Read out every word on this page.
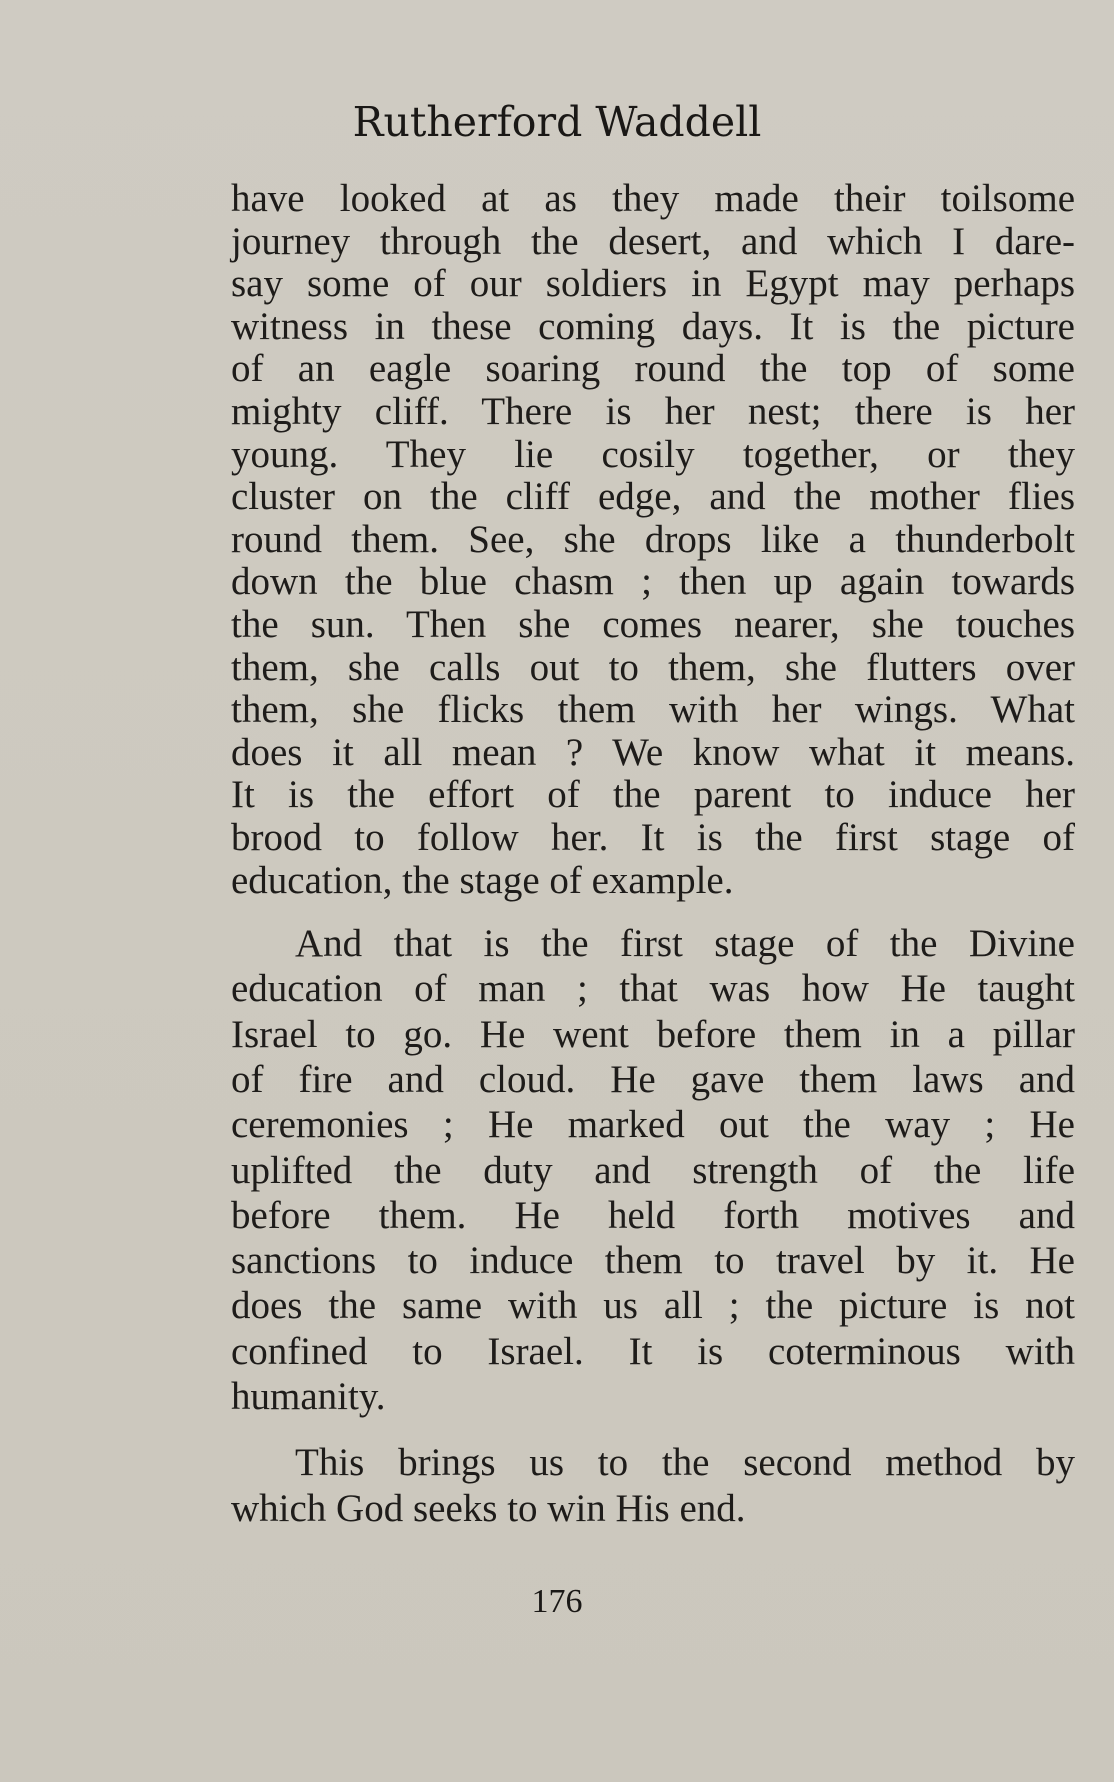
Rutherford Waddell
have looked at as they made their toilsome
journey through the desert, and which I dare-
say some of our soldiers in Egypt may perhaps
witness in these coming days. It is the picture
of an eagle soaring round the top of some
mighty cliff. There is her nest; there is her
young. They lie cosily together, or they
cluster on the cliff edge, and the mother flies
round them. See, she drops like a thunderbolt
down the blue chasm ; then up again towards
the sun. Then she comes nearer, she touches
them, she calls out to them, she flutters over
them, she flicks them with her wings. What
does it all mean ? We know what it means.
It is the effort of the parent to induce her
brood to follow her. It is the first stage of
education, the stage of example.
And that is the first stage of the Divine
education of man ; that was how He taught
Israel to go. He went before them in a pillar
of fire and cloud. He gave them laws and
ceremonies ; He marked out the way ; He
uplifted the duty and strength of the life
before them. He held forth motives and
sanctions to induce them to travel by it. He
does the same with us all ; the picture is not
confined to Israel. It is coterminous with
humanity.
This brings us to the second method by
which God seeks to win His end.
176
